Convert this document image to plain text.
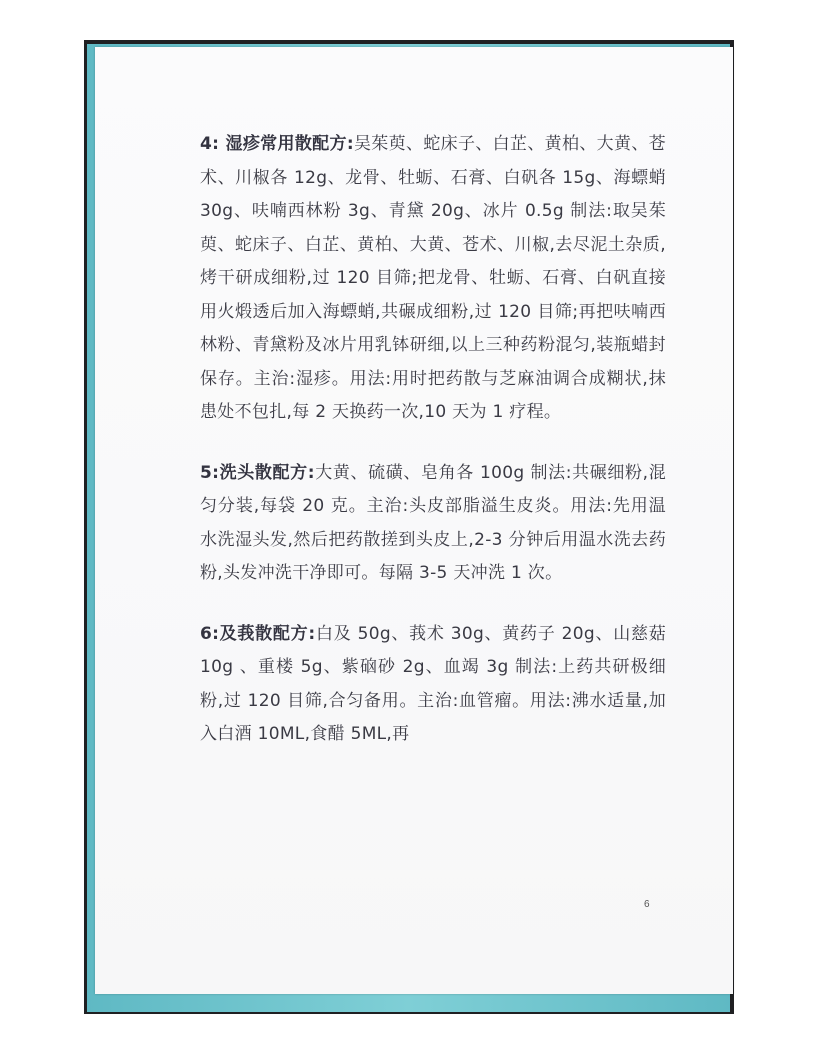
4: 湿疹常用散配方:吴茱萸、蛇床子、白芷、黄柏、大黄、苍术、川椒各 12g、龙骨、牡蛎、石膏、白矾各 15g、海螵蛸 30g、呋喃西林粉 3g、青黛 20g、冰片 0.5g 制法:取吴茱萸、蛇床子、白芷、黄柏、大黄、苍术、川椒,去尽泥土杂质,烤干研成细粉,过 120 目筛;把龙骨、牡蛎、石膏、白矾直接用火煅透后加入海螵蛸,共碾成细粉,过 120 目筛;再把呋喃西林粉、青黛粉及冰片用乳钵研细,以上三种药粉混匀,装瓶蜡封保存。主治:湿疹。用法:用时把药散与芝麻油调合成糊状,抹患处不包扎,每 2 天换药一次,10 天为 1 疗程。

5:洗头散配方:大黄、硫磺、皂角各 100g 制法:共碾细粉,混匀分装,每袋 20 克。主治:头皮部脂溢生皮炎。用法:先用温水洗湿头发,然后把药散搓到头皮上,2-3 分钟后用温水洗去药粉,头发冲洗干净即可。每隔 3-5 天冲洗 1 次。

6:及莪散配方:白及 50g、莪术 30g、黄药子 20g、山慈菇 10g 、重楼 5g、紫硇砂 2g、血竭 3g 制法:上药共研极细粉,过 120 目筛,合匀备用。主治:血管瘤。用法:沸水适量,加入白酒 10ML,食醋 5ML,再

6
